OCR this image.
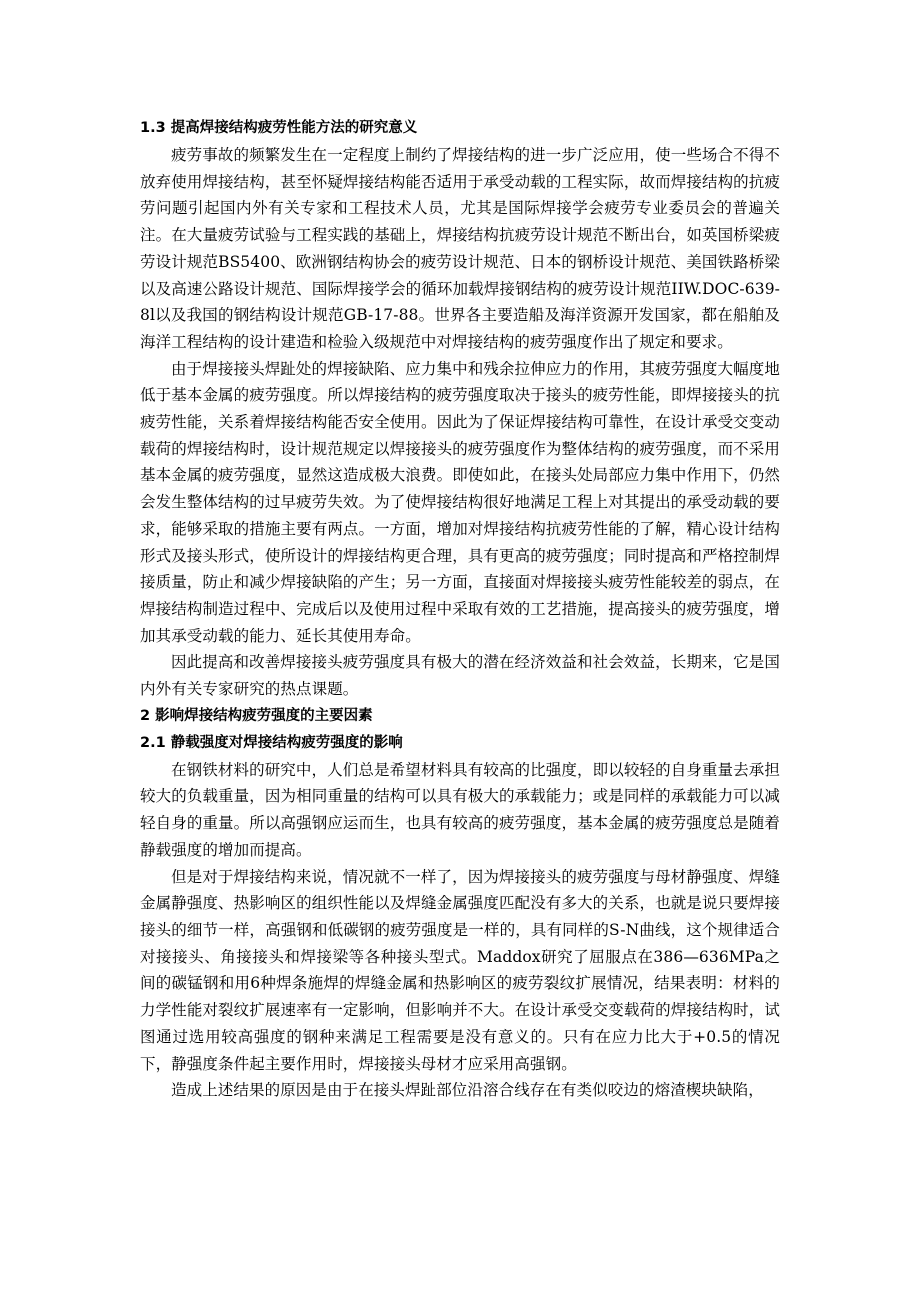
1.3 提高焊接结构疲劳性能方法的研究意义

疲劳事故的频繁发生在一定程度上制约了焊接结构的进一步广泛应用，使一些场合不得不放弃使用焊接结构，甚至怀疑焊接结构能否适用于承受动载的工程实际，故而焊接结构的抗疲劳问题引起国内外有关专家和工程技术人员，尤其是国际焊接学会疲劳专业委员会的普遍关注。在大量疲劳试验与工程实践的基础上，焊接结构抗疲劳设计规范不断出台，如英国桥梁疲劳设计规范BS5400、欧洲钢结构协会的疲劳设计规范、日本的钢桥设计规范、美国铁路桥梁以及高速公路设计规范、国际焊接学会的循环加载焊接钢结构的疲劳设计规范IIW.DOC-639-8l以及我国的钢结构设计规范GB-17-88。世界各主要造船及海洋资源开发国家，都在船舶及海洋工程结构的设计建造和检验入级规范中对焊接结构的疲劳强度作出了规定和要求。

由于焊接接头焊趾处的焊接缺陷、应力集中和残余拉伸应力的作用，其疲劳强度大幅度地低于基本金属的疲劳强度。所以焊接结构的疲劳强度取决于接头的疲劳性能，即焊接接头的抗疲劳性能，关系着焊接结构能否安全使用。因此为了保证焊接结构可靠性，在设计承受交变动载荷的焊接结构时，设计规范规定以焊接接头的疲劳强度作为整体结构的疲劳强度，而不采用基本金属的疲劳强度，显然这造成极大浪费。即使如此，在接头处局部应力集中作用下，仍然会发生整体结构的过早疲劳失效。为了使焊接结构很好地满足工程上对其提出的承受动载的要求，能够采取的措施主要有两点。一方面，增加对焊接结构抗疲劳性能的了解，精心设计结构形式及接头形式，使所设计的焊接结构更合理，具有更高的疲劳强度；同时提高和严格控制焊接质量，防止和减少焊接缺陷的产生；另一方面，直接面对焊接接头疲劳性能较差的弱点，在焊接结构制造过程中、完成后以及使用过程中采取有效的工艺措施，提高接头的疲劳强度，增加其承受动载的能力、延长其使用寿命。

因此提高和改善焊接接头疲劳强度具有极大的潜在经济效益和社会效益，长期来，它是国内外有关专家研究的热点课题。

2 影响焊接结构疲劳强度的主要因素
2.1 静载强度对焊接结构疲劳强度的影响

在钢铁材料的研究中，人们总是希望材料具有较高的比强度，即以较轻的自身重量去承担较大的负载重量，因为相同重量的结构可以具有极大的承载能力；或是同样的承载能力可以减轻自身的重量。所以高强钢应运而生，也具有较高的疲劳强度，基本金属的疲劳强度总是随着静载强度的增加而提高。

但是对于焊接结构来说，情况就不一样了，因为焊接接头的疲劳强度与母材静强度、焊缝金属静强度、热影响区的组织性能以及焊缝金属强度匹配没有多大的关系，也就是说只要焊接接头的细节一样，高强钢和低碳钢的疲劳强度是一样的，具有同样的S-N曲线，这个规律适合对接接头、角接接头和焊接梁等各种接头型式。Maddox研究了屈服点在386—636MPa之间的碳锰钢和用6种焊条施焊的焊缝金属和热影响区的疲劳裂纹扩展情况，结果表明：材料的力学性能对裂纹扩展速率有一定影响，但影响并不大。在设计承受交变载荷的焊接结构时，试图通过选用较高强度的钢种来满足工程需要是没有意义的。只有在应力比大于+0.5的情况下，静强度条件起主要作用时，焊接接头母材才应采用高强钢。

造成上述结果的原因是由于在接头焊趾部位沿溶合线存在有类似咬边的熔渣楔块缺陷，
